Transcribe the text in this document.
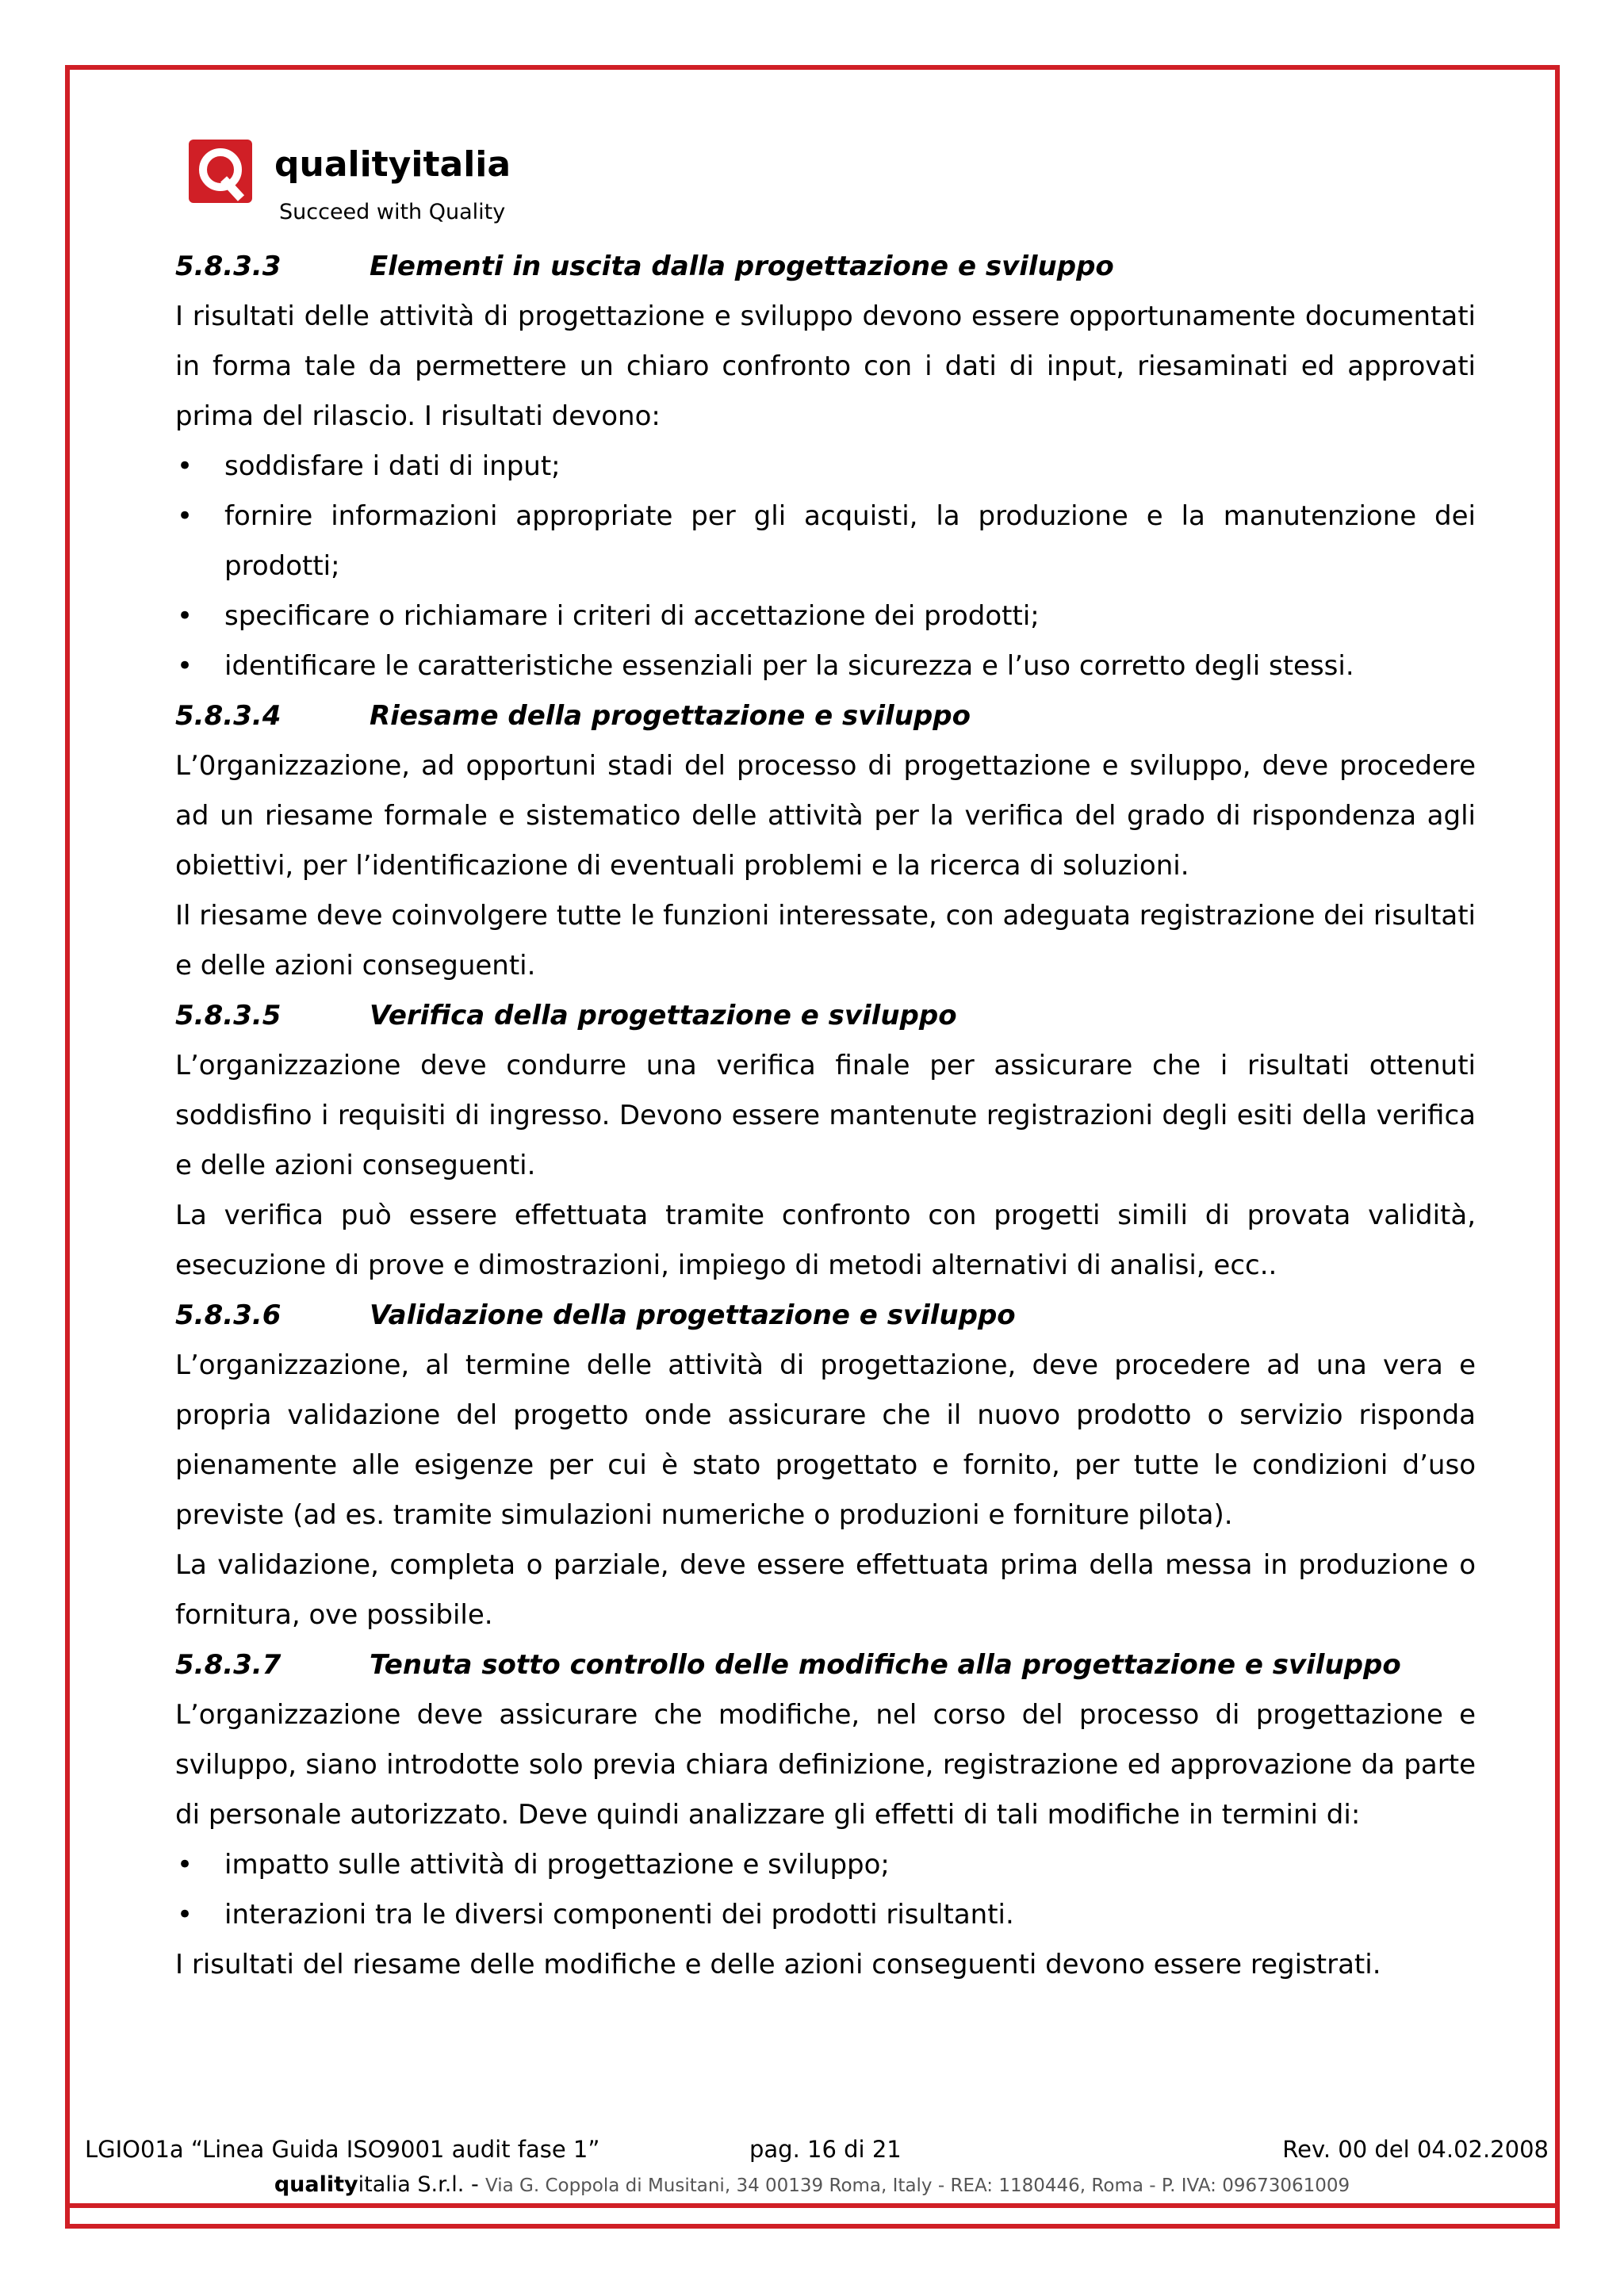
qualityitalia
Succeed with Quality
5.8.3.3	Elementi in uscita dalla progettazione e sviluppo

I risultati delle attività di progettazione e sviluppo devono essere opportunamente documentati in forma tale da permettere un chiaro confronto con i dati di input, riesaminati ed approvati prima del rilascio. I risultati devono:

• soddisfare i dati di input;
• fornire informazioni appropriate per gli acquisti, la produzione e la manutenzione dei prodotti;
• specificare o richiamare i criteri di accettazione dei prodotti;
• identificare le caratteristiche essenziali per la sicurezza e l’uso corretto degli stessi.
5.8.3.4	Riesame della progettazione e sviluppo

L’0rganizzazione, ad opportuni stadi del processo di progettazione e sviluppo, deve procedere ad un riesame formale e sistematico delle attività per la verifica del grado di rispondenza agli obiettivi, per l’identificazione di eventuali problemi e la ricerca di soluzioni.

Il riesame deve coinvolgere tutte le funzioni interessate, con adeguata registrazione dei risultati e delle azioni conseguenti.

5.8.3.5	Verifica della progettazione e sviluppo

L’organizzazione deve condurre una verifica finale per assicurare che i risultati ottenuti soddisfino i requisiti di ingresso. Devono essere mantenute registrazioni degli esiti della verifica e delle azioni conseguenti.

La verifica può essere effettuata tramite confronto con progetti simili di provata validità, esecuzione di prove e dimostrazioni, impiego di metodi alternativi di analisi, ecc..

5.8.3.6	Validazione della progettazione e sviluppo

L’organizzazione, al termine delle attività di progettazione, deve procedere ad una vera e propria validazione del progetto onde assicurare che il nuovo prodotto o servizio risponda pienamente alle esigenze per cui è stato progettato e fornito, per tutte le condizioni d’uso previste (ad es. tramite simulazioni numeriche o produzioni e forniture pilota).

La validazione, completa o parziale, deve essere effettuata prima della messa in produzione o fornitura, ove possibile.

5.8.3.7	Tenuta sotto controllo delle modifiche alla progettazione e sviluppo

L’organizzazione deve assicurare che modifiche, nel corso del processo di progettazione e sviluppo, siano introdotte solo previa chiara definizione, registrazione ed approvazione da parte di personale autorizzato. Deve quindi analizzare gli effetti di tali modifiche in termini di:

• impatto sulle attività di progettazione e sviluppo;
• interazioni tra le diversi componenti dei prodotti risultanti.

I risultati del riesame delle modifiche e delle azioni conseguenti devono essere registrati.

LGIO01a “Linea Guida ISO9001 audit fase 1”	pag. 16 di 21	Rev. 00 del 04.02.2008
qualityitalia S.r.l. - Via G. Coppola di Musitani, 34 00139 Roma, Italy - REA: 1180446, Roma - P. IVA: 09673061009
